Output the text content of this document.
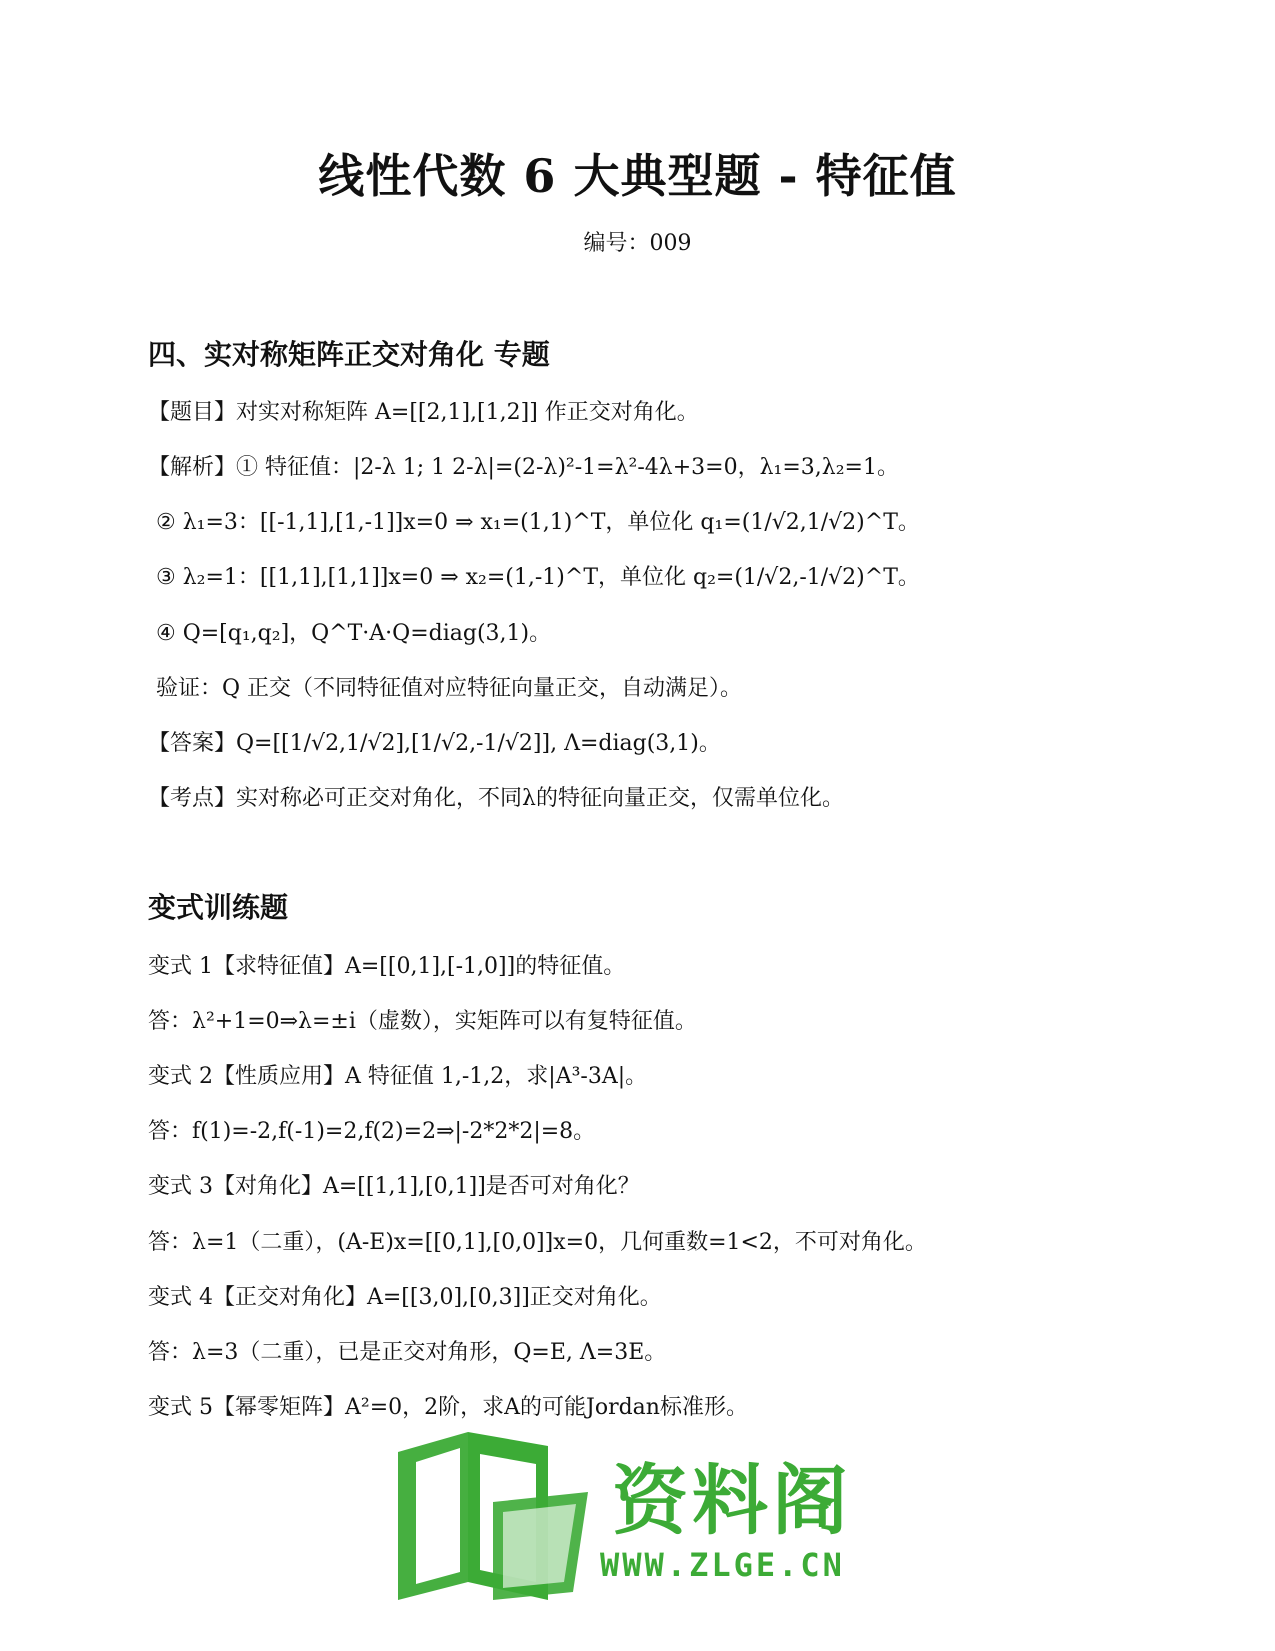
线性代数 6 大典型题 - 特征值
编号：009
四、实对称矩阵正交对角化 专题
【题目】对实对称矩阵 A=[[2,1],[1,2]] 作正交对角化。
【解析】① 特征值：|2-λ 1; 1 2-λ|=(2-λ)²-1=λ²-4λ+3=0，λ₁=3,λ₂=1。
② λ₁=3：[[-1,1],[1,-1]]x=0 ⇒ x₁=(1,1)^T，单位化 q₁=(1/√2,1/√2)^T。
③ λ₂=1：[[1,1],[1,1]]x=0 ⇒ x₂=(1,-1)^T，单位化 q₂=(1/√2,-1/√2)^T。
④ Q=[q₁,q₂]，Q^T·A·Q=diag(3,1)。
验证：Q 正交（不同特征值对应特征向量正交，自动满足）。
【答案】Q=[[1/√2,1/√2],[1/√2,-1/√2]], Λ=diag(3,1)。
【考点】实对称必可正交对角化，不同λ的特征向量正交，仅需单位化。
变式训练题
变式 1【求特征值】A=[[0,1],[-1,0]]的特征值。
答：λ²+1=0⇒λ=±i（虚数），实矩阵可以有复特征值。
变式 2【性质应用】A 特征值 1,-1,2，求|A³-3A|。
答：f(1)=-2,f(-1)=2,f(2)=2⇒|-2*2*2|=8。
变式 3【对角化】A=[[1,1],[0,1]]是否可对角化？
答：λ=1（二重），(A-E)x=[[0,1],[0,0]]x=0，几何重数=1<2，不可对角化。
变式 4【正交对角化】A=[[3,0],[0,3]]正交对角化。
答：λ=3（二重），已是正交对角形，Q=E, Λ=3E。
变式 5【幂零矩阵】A²=0，2阶，求A的可能Jordan标准形。
资料阁
WWW.ZLGE.CN
